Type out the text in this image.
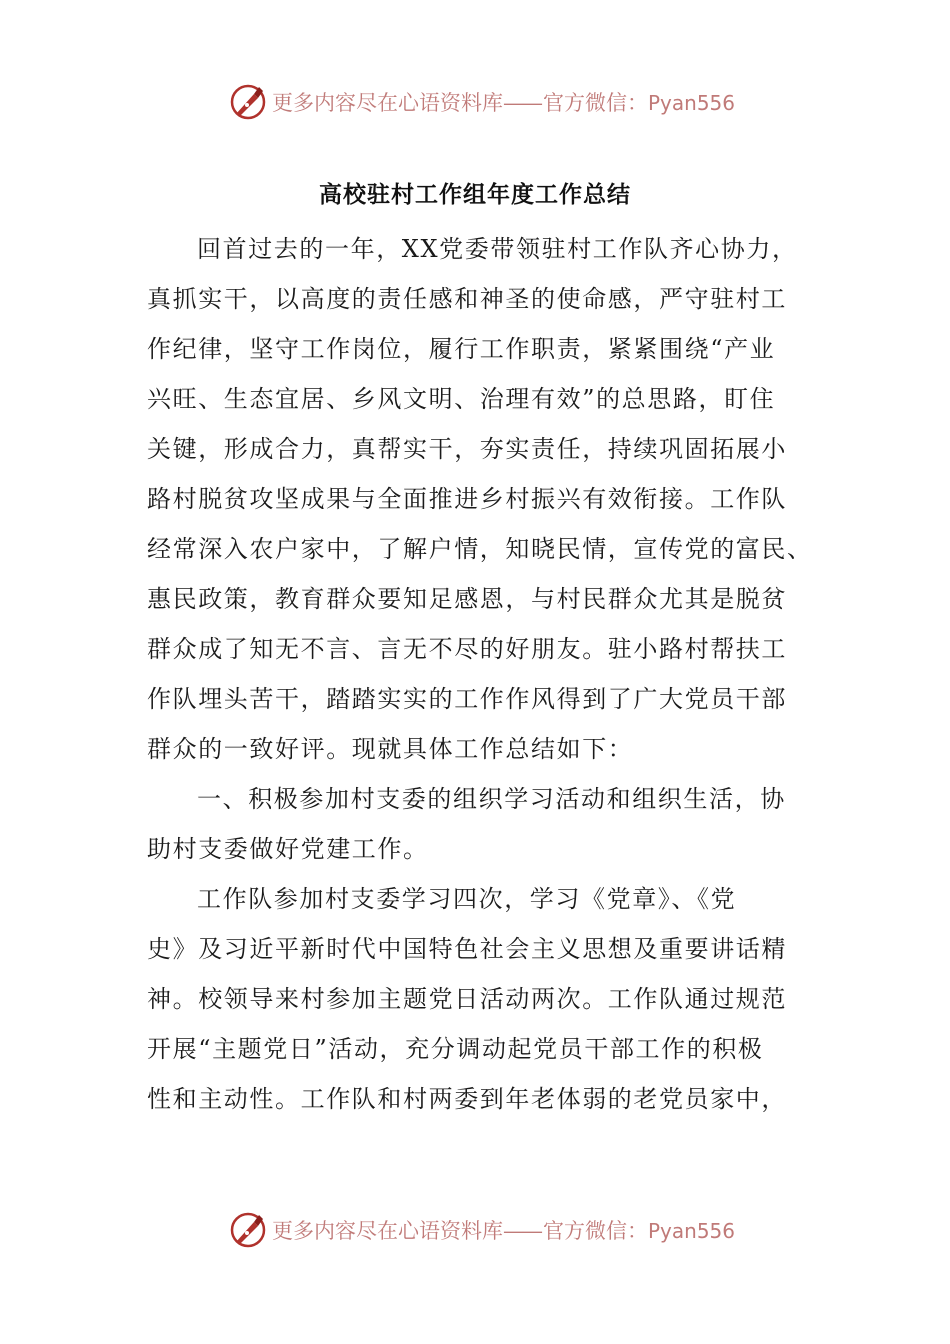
更多内容尽在心语资料库——官方微信：Pyan556
高校驻村工作组年度工作总结
回首过去的一年，XX党委带领驻村工作队齐心协力，
真抓实干，以高度的责任感和神圣的使命感，严守驻村工
作纪律，坚守工作岗位，履行工作职责，紧紧围绕“产业
兴旺、生态宜居、乡风文明、治理有效”的总思路，盯住
关键，形成合力，真帮实干，夯实责任，持续巩固拓展小
路村脱贫攻坚成果与全面推进乡村振兴有效衔接。工作队
经常深入农户家中，了解户情，知晓民情，宣传党的富民、
惠民政策，教育群众要知足感恩，与村民群众尤其是脱贫
群众成了知无不言、言无不尽的好朋友。驻小路村帮扶工
作队埋头苦干，踏踏实实的工作作风得到了广大党员干部
群众的一致好评。现就具体工作总结如下：
一、积极参加村支委的组织学习活动和组织生活，协
助村支委做好党建工作。
工作队参加村支委学习四次，学习《党章》、《党
史》及习近平新时代中国特色社会主义思想及重要讲话精
神。校领导来村参加主题党日活动两次。工作队通过规范
开展“主题党日”活动，充分调动起党员干部工作的积极
性和主动性。工作队和村两委到年老体弱的老党员家中，
更多内容尽在心语资料库——官方微信：Pyan556
